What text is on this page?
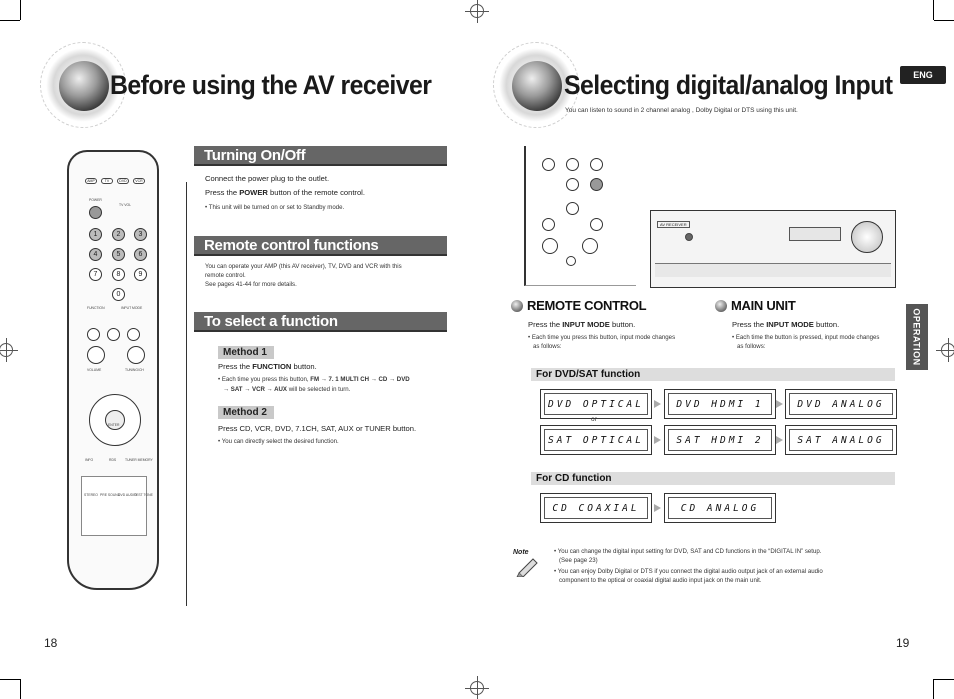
Before using the AV receiver
AMP	TV	DVD	VCR
POWER
TV VOL
1	2	3
4	5	6
7	8	9
0
FUNCTION	INPUT MODE
VOLUME	TUNING/CH
ENTER
INFO	RDS	TUNER MEMORY
STEREO PRE SOUND
DVD AUDIO
TEST TONE
Turning On/Off
Connect the power plug to the outlet.
Press the POWER button of the remote control.
• This unit will be turned on or set to Standby mode.
Remote control functions
You can operate your AMP (this AV receiver), TV, DVD and VCR with this
remote control.
See pages 41-44 for more details.
To select a function
Method 1
Press the FUNCTION button.
• Each time you press this button, FM → 7. 1 MULTI CH → CD → DVD
→ SAT → VCR → AUX will be selected in turn.
Method 2
Press CD, VCR, DVD, 7.1CH, SAT, AUX or TUNER button.
• You can directly select the desired function.
18
Selecting digital/analog Input
You can listen to sound in 2 channel analog , Dolby Digital or DTS using this unit.
ENG
OPERATION
AV RECEIVER
REMOTE CONTROL
Press the INPUT MODE button.
• Each time you press this button, input mode changes
as follows:
MAIN UNIT
Press the INPUT MODE button.
• Each time the button is pressed, input mode changes
as follows:
For DVD/SAT function
DVD OPTICAL	DVD HDMI 1	DVD ANALOG
or
SAT OPTICAL	SAT HDMI 2	SAT ANALOG
For CD function
CD COAXIAL	CD ANALOG
Note	• You can change the digital input setting for DVD, SAT and CD functions in the “DIGITAL IN” setup.
(See page 23)
• You can enjoy Dolby Digital or DTS if you connect the digital audio output jack of an external audio
component to the optical or coaxial digital audio input jack on the main unit.
19
